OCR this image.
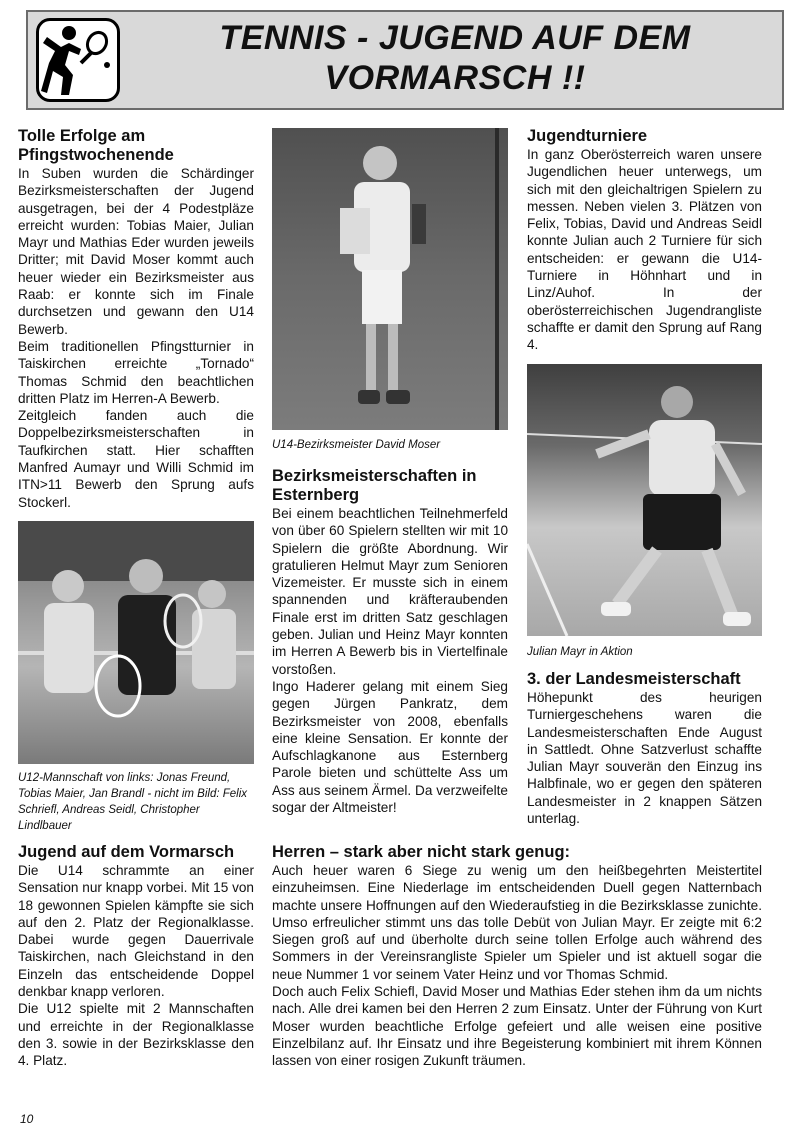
TENNIS - JUGEND AUF DEM
VORMARSCH !!
Tolle Erfolge am Pfingstwochenende

In Suben wurden die Schärdinger Bezirksmeisterschaften der Jugend ausgetragen, bei der 4 Podestpläze erreicht wurden: Tobias Maier, Julian Mayr und Mathias Eder wurden jeweils Dritter; mit David Moser kommt auch heuer wieder ein Bezirksmeister aus Raab: er konnte sich im Finale durchsetzen und gewann den U14 Bewerb.

Beim traditionellen Pfingstturnier in Taiskirchen erreichte „Tornado“ Thomas Schmid den beachtlichen dritten Platz im Herren-A Bewerb.

Zeitgleich fanden auch die Doppelbezirksmeisterschaften in Taufkirchen statt. Hier schafften Manfred Aumayr und Willi Schmid im ITN>11 Bewerb den Sprung aufs Stockerl.

U12-Mannschaft von links: Jonas Freund, Tobias Maier, Jan Brandl - nicht im Bild: Felix Schriefl, Andreas Seidl, Christopher Lindlbauer
Jugend auf dem Vormarsch

Die U14 schrammte an einer Sensation nur knapp vorbei. Mit 15 von 18 gewonnen Spielen kämpfte sie sich auf den 2. Platz der Regionalklasse. Dabei wurde gegen Dauerrivale Taiskirchen, nach Gleichstand in den Einzeln das entscheidende Doppel denkbar knapp verloren.

Die U12 spielte mit 2 Mannschaften und erreichte in der Regionalklasse den 3. sowie in der Bezirksklasse den 4. Platz.

U14-Bezirksmeister David Moser
Bezirksmeisterschaften in Esternberg

Bei einem beachtlichen Teilnehmerfeld von über 60 Spielern stellten wir mit 10 Spielern die größte Abordnung. Wir gratulieren Helmut Mayr zum Senioren Vizemeister. Er musste sich in einem spannenden und kräfteraubenden Finale erst im dritten Satz geschlagen geben. Julian und Heinz Mayr konnten im Herren A Bewerb bis in Viertelfinale vorstoßen.

Ingo Haderer gelang mit einem Sieg gegen Jürgen Pankratz, dem Bezirksmeister von 2008, ebenfalls eine kleine Sensation. Er konnte der Aufschlagkanone aus Esternberg Parole bieten und schüttelte Ass um Ass aus seinem Ärmel. Da verzweifelte sogar der Altmeister!

Jugendturniere

In ganz Oberösterreich waren unsere Jugendlichen heuer unterwegs, um sich mit den gleichaltrigen Spielern zu messen. Neben vielen 3. Plätzen von Felix, Tobias, David und Andreas Seidl konnte Julian auch 2 Turniere für sich entscheiden: er gewann die U14-Turniere in Höhnhart und in Linz/Auhof. In der oberösterreichischen Jugendrangliste schaffte er damit den Sprung auf Rang 4.

Julian Mayr in Aktion
3. der Landesmeisterschaft

Höhepunkt des heurigen Turniergeschehens waren die Landesmeisterschaften Ende August in Sattledt. Ohne Satzverlust schaffte Julian Mayr souverän den Einzug ins Halbfinale, wo er gegen den späteren Landesmeister in 2 knappen Sätzen unterlag.

Herren – stark aber nicht stark genug:

Auch heuer waren 6 Siege zu wenig um den heißbegehrten Meistertitel einzuheimsen. Eine Niederlage im entscheidenden Duell gegen Natternbach machte unsere Hoffnungen auf den Wiederaufstieg in die Bezirksklasse zunichte. Umso erfreulicher stimmt uns das tolle Debüt von Julian Mayr. Er zeigte mit 6:2 Siegen groß auf und überholte durch seine tollen Erfolge auch während des Sommers in der Vereinsrangliste Spieler um Spieler und ist aktuell sogar die neue Nummer 1 vor seinem Vater Heinz und vor Thomas Schmid.

Doch auch Felix Schiefl, David Moser und Mathias Eder stehen ihm da um nichts nach. Alle drei kamen bei den Herren 2 zum Einsatz. Unter der Führung von Kurt Moser wurden beachtliche Erfolge gefeiert und alle weisen eine positive Einzelbilanz auf. Ihr Einsatz und ihre Begeisterung kombiniert mit ihrem Können lassen von einer rosigen Zukunft träumen.

10
